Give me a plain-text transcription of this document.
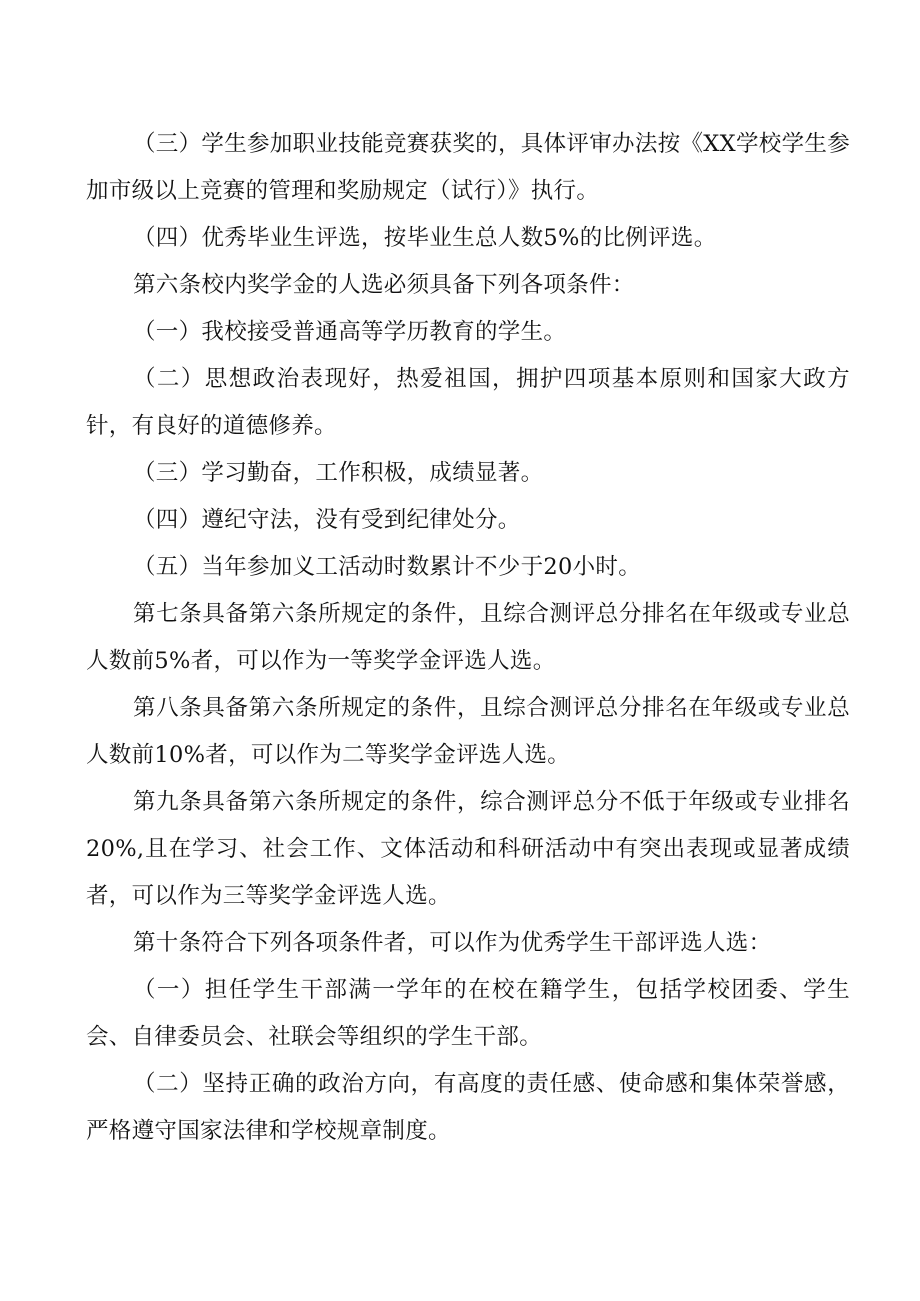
（三）学生参加职业技能竞赛获奖的，具体评审办法按《XX学校学生参加市级以上竞赛的管理和奖励规定（试行）》执行。

（四）优秀毕业生评选，按毕业生总人数5%的比例评选。

第六条校内奖学金的人选必须具备下列各项条件：

（一）我校接受普通高等学历教育的学生。

（二）思想政治表现好，热爱祖国，拥护四项基本原则和国家大政方针，有良好的道德修养。

（三）学习勤奋，工作积极，成绩显著。

（四）遵纪守法，没有受到纪律处分。

（五）当年参加义工活动时数累计不少于20小时。

第七条具备第六条所规定的条件，且综合测评总分排名在年级或专业总人数前5%者，可以作为一等奖学金评选人选。

第八条具备第六条所规定的条件，且综合测评总分排名在年级或专业总人数前10%者，可以作为二等奖学金评选人选。

第九条具备第六条所规定的条件，综合测评总分不低于年级或专业排名20%,且在学习、社会工作、文体活动和科研活动中有突出表现或显著成绩者，可以作为三等奖学金评选人选。

第十条符合下列各项条件者，可以作为优秀学生干部评选人选：

（一）担任学生干部满一学年的在校在籍学生，包括学校团委、学生会、自律委员会、社联会等组织的学生干部。

（二）坚持正确的政治方向，有高度的责任感、使命感和集体荣誉感，严格遵守国家法律和学校规章制度。
